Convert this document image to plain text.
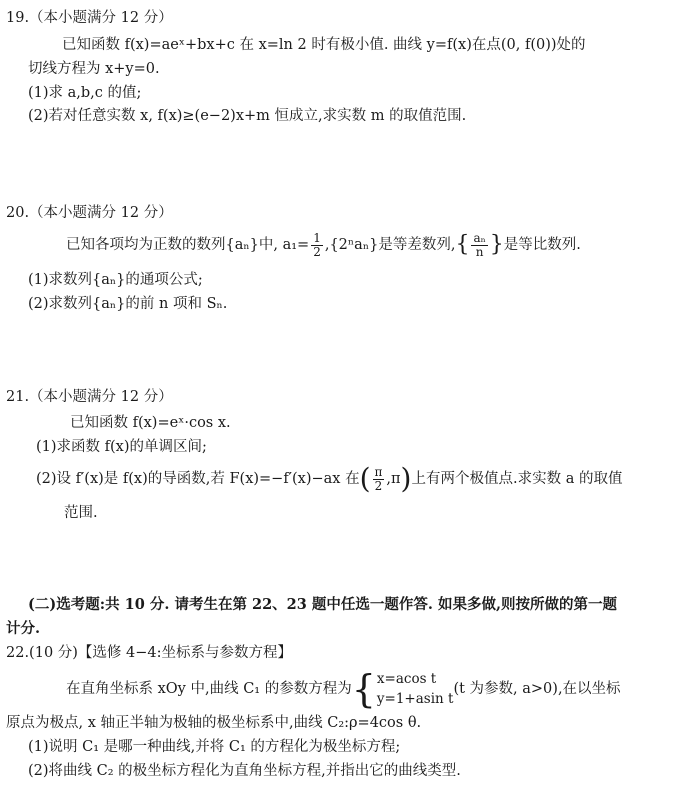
19.（本小题满分 12 分）
已知函数 f(x)=aeˣ+bx+c 在 x=ln 2 时有极小值. 曲线 y=f(x)在点(0, f(0))处的
切线方程为 x+y=0.
(1)求 a,b,c 的值;
(2)若对任意实数 x, f(x)≥(e−2)x+m 恒成立,求实数 m 的取值范围.
20.（本小题满分 12 分）
已知各项均为正数的数列{aₙ}中, $a_1= \frac{1}{2} ,\{2^na_n\}$是等差数列,{ $\frac{\text{aₙ}}{n}$ }是等比数列.
(1)求数列{aₙ}的通项公式;
(2)求数列{aₙ}的前 n 项和 Sₙ.
21.（本小题满分 12 分）
已知函数 f(x)=eˣ·cos x.
(1)求函数 f(x)的单调区间;
(2)设 f′(x)是 f(x)的导函数,若 F(x)=−f′(x)−ax 在( $\frac{\pi}{2} ,\pi$)上有两个极值点.求实数 a 的取值
范围.
(二)选考题:共 10 分. 请考生在第 22、23 题中任选一题作答. 如果多做,则按所做的第一题
计分.
22.(10 分)【选修 4−4:坐标系与参数方程】
在直角坐标系 xOy 中,曲线 C₁ 的参数方程为{ x=acos t
y=1+asin t
(t 为参数, a>0),在以坐标
原点为极点, x 轴正半轴为极轴的极坐标系中,曲线 C₂:ρ=4cos θ.
(1)说明 C₁ 是哪一种曲线,并将 C₁ 的方程化为极坐标方程;
(2)将曲线 C₂ 的极坐标方程化为直角坐标方程,并指出它的曲线类型.
